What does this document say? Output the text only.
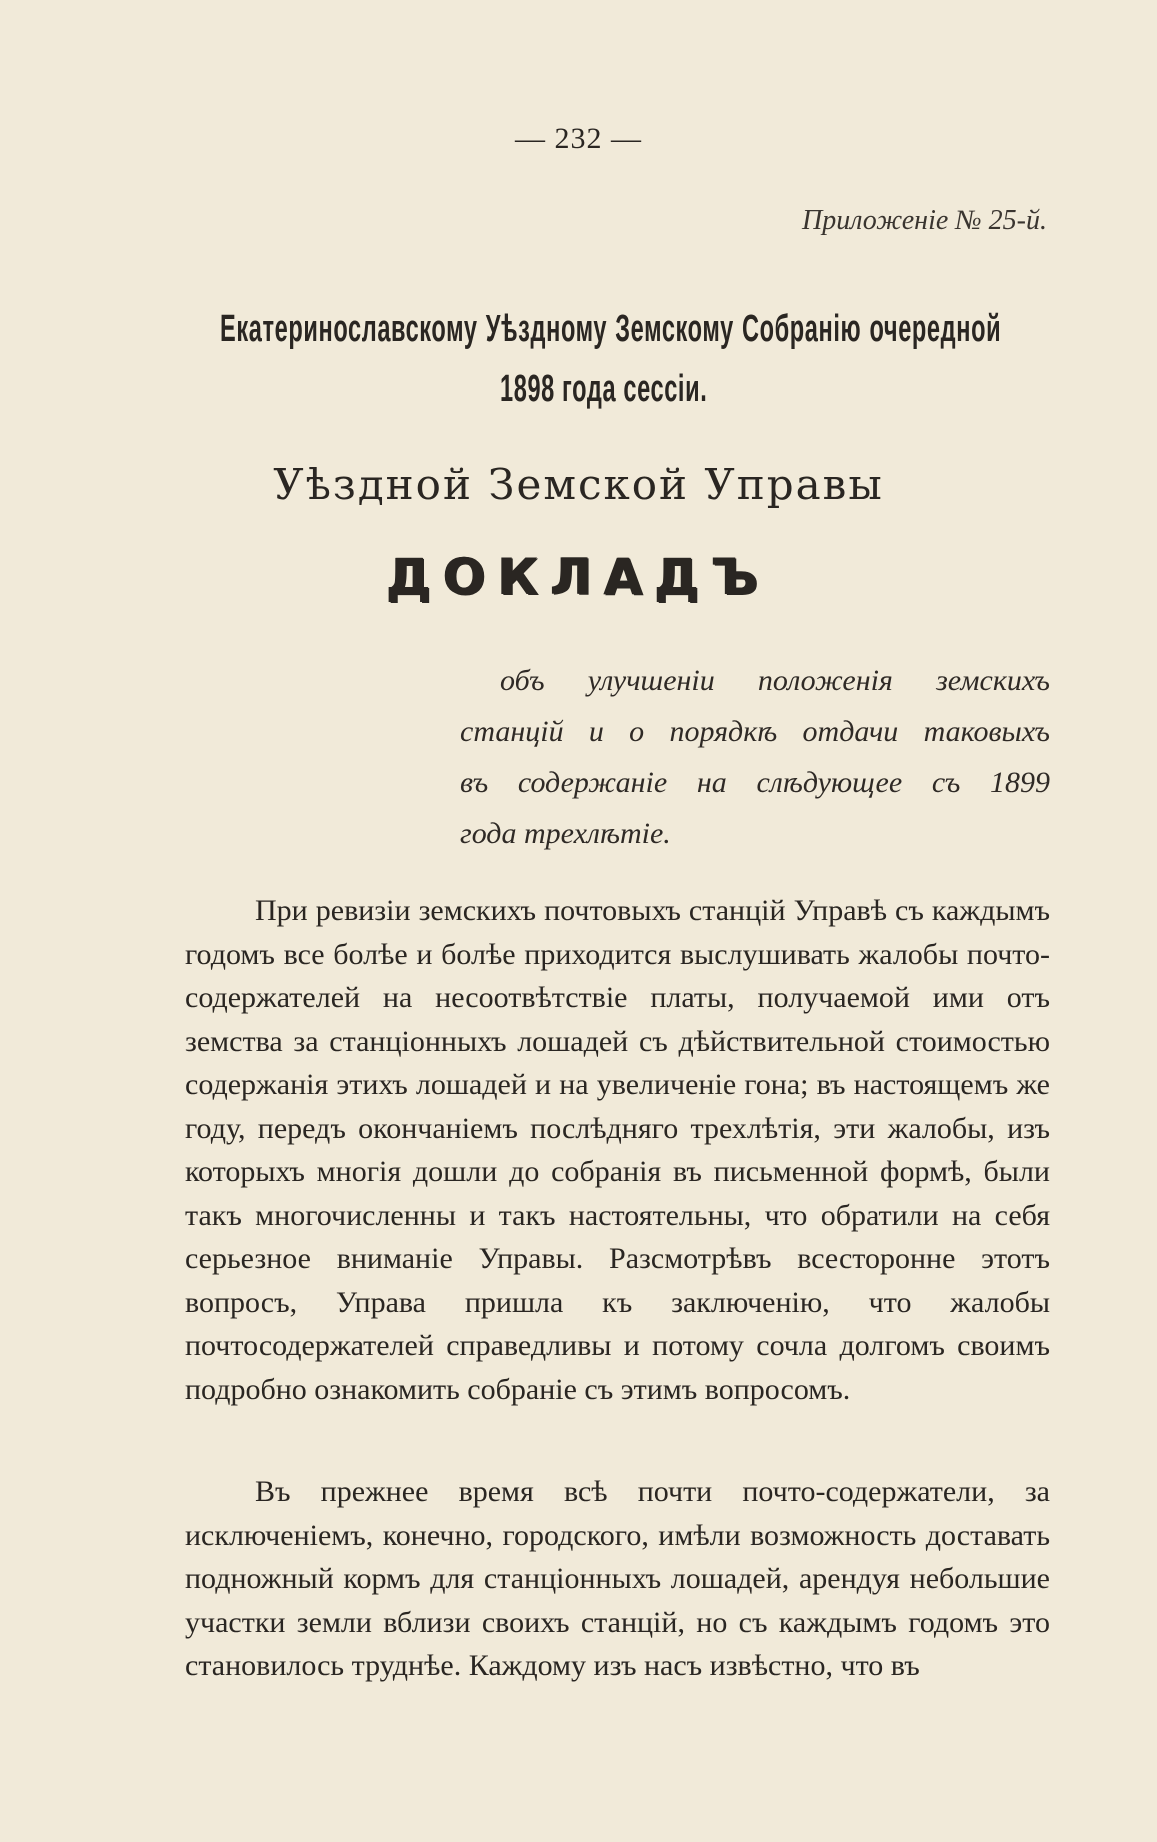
— 232 —
Приложеніе № 25-й.
Екатеринославскому Уѣздному Земскому Собранію очередной
1898 года сессіи.
Уѣздной Земской Управы
ДОКЛАДЪ
объ улучшеніи положенія земскихъ
станцій и о порядкѣ отдачи таковыхъ
въ содержаніе на слѣдующее съ 1899
года трехлѣтіе.

При ревизіи земскихъ почтовыхъ станцій Управѣ съ каждымъ годомъ все болѣе и болѣе приходится выслушивать жалобы почто-содержателей на несоотвѣтствіе платы, получаемой ими отъ земства за станціонныхъ лошадей съ дѣйствительной стоимостью содержанія этихъ лошадей и на увеличеніе гона; въ настоящемъ же году, передъ окончаніемъ послѣдняго трехлѣтія, эти жалобы, изъ которыхъ многія дошли до собранія въ письменной формѣ, были такъ многочисленны и такъ настоятельны, что обратили на себя серьезное вниманіе Управы. Разсмотрѣвъ всесторонне этотъ вопросъ, Управа пришла къ заключенію, что жалобы почтосодержателей справедливы и потому сочла долгомъ своимъ подробно ознакомить собраніе съ этимъ вопросомъ.

Въ прежнее время всѣ почти почто-содержатели, за исключеніемъ, конечно, городского, имѣли возможность доставать подножный кормъ для станціонныхъ лошадей, арендуя небольшие участки земли вблизи своихъ станцій, но съ каждымъ годомъ это становилось труднѣе. Каждому изъ насъ извѣстно, что въ
